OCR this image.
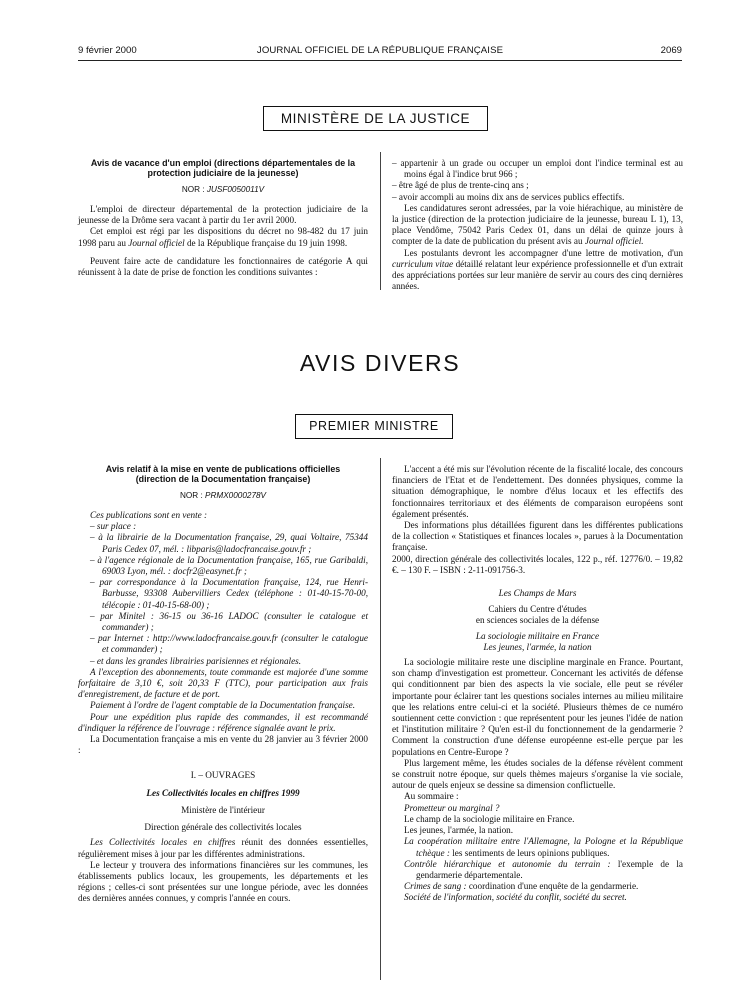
9 février 2000	JOURNAL OFFICIEL DE LA RÉPUBLIQUE FRANÇAISE	2069
MINISTÈRE DE LA JUSTICE
Avis de vacance d'un emploi (directions départementales de la protection judiciaire de la jeunesse)
NOR : JUSF0050011V

L'emploi de directeur départemental de la protection judiciaire de la jeunesse de la Drôme sera vacant à partir du 1er avril 2000.

Cet emploi est régi par les dispositions du décret no 98-482 du 17 juin 1998 paru au Journal officiel de la République française du 19 juin 1998.

Peuvent faire acte de candidature les fonctionnaires de catégorie A qui réunissent à la date de prise de fonction les conditions suivantes :

– appartenir à un grade ou occuper un emploi dont l'indice terminal est au moins égal à l'indice brut 966 ;

– être âgé de plus de trente-cinq ans ;

– avoir accompli au moins dix ans de services publics effectifs.

Les candidatures seront adressées, par la voie hiérachique, au ministère de la justice (direction de la protection judiciaire de la jeunesse, bureau L 1), 13, place Vendôme, 75042 Paris Cedex 01, dans un délai de quinze jours à compter de la date de publication du présent avis au Journal officiel.

Les postulants devront les accompagner d'une lettre de motivation, d'un curriculum vitae détaillé relatant leur expérience professionnelle et d'un extrait des appréciations portées sur leur manière de servir au cours des cinq dernières années.

AVIS DIVERS
PREMIER MINISTRE
Avis relatif à la mise en vente de publications officielles (direction de la Documentation française)
NOR : PRMX0000278V

Ces publications sont en vente :

– sur place :

– à la librairie de la Documentation française, 29, quai Voltaire, 75344 Paris Cedex 07, mél. : libparis@ladocfrancaise.gouv.fr ;

– à l'agence régionale de la Documentation française, 165, rue Garibaldi, 69003 Lyon, mél. : docfr2@easynet.fr ;

– par correspondance à la Documentation française, 124, rue Henri-Barbusse, 93308 Aubervilliers Cedex (téléphone : 01-40-15-70-00, télécopie : 01-40-15-68-00) ;

– par Minitel : 36-15 ou 36-16 LADOC (consulter le catalogue et commander) ;

– par Internet : http://www.ladocfrancaise.gouv.fr (consulter le catalogue et commander) ;

– et dans les grandes librairies parisiennes et régionales.

A l'exception des abonnements, toute commande est majorée d'une somme forfaitaire de 3,10 €, soit 20,33 F (TTC), pour participation aux frais d'enregistrement, de facture et de port.

Paiement à l'ordre de l'agent comptable de la Documentation française.

Pour une expédition plus rapide des commandes, il est recommandé d'indiquer la référence de l'ouvrage : référence signalée avant le prix.

La Documentation française a mis en vente du 28 janvier au 3 février 2000 :

I. – OUVRAGES

Les Collectivités locales en chiffres 1999

Ministère de l'intérieur

Direction générale des collectivités locales

Les Collectivités locales en chiffres réunit des données essentielles, régulièrement mises à jour par les différentes administrations.

Le lecteur y trouvera des informations financières sur les communes, les établissements publics locaux, les groupements, les départements et les régions ; celles-ci sont présentées sur une longue période, avec les données des dernières années connues, y compris l'année en cours.

L'accent a été mis sur l'évolution récente de la fiscalité locale, des concours financiers de l'Etat et de l'endettement. Des données physiques, comme la situation démographique, le nombre d'élus locaux et les effectifs des fonctionnaires territoriaux et des éléments de comparaison européens sont également présentés.

Des informations plus détaillées figurent dans les différentes publications de la collection « Statistiques et finances locales », parues à la Documentation française.

2000, direction générale des collectivités locales, 122 p., réf. 12776/0. – 19,82 €. – 130 F. – ISBN : 2-11-091756-3.

Les Champs de Mars

Cahiers du Centre d'études

en sciences sociales de la défense

La sociologie militaire en France

Les jeunes, l'armée, la nation

La sociologie militaire reste une discipline marginale en France. Pourtant, son champ d'investigation est prometteur. Concernant les activités de défense qui conditionnent par bien des aspects la vie sociale, elle peut se révéler importante pour éclairer tant les questions sociales internes au milieu militaire que les relations entre celui-ci et la société. Plusieurs thèmes de ce numéro soutiennent cette conviction : que représentent pour les jeunes l'idée de nation et l'institution militaire ? Qu'en est-il du fonctionnement de la gendarmerie ? Comment la construction d'une défense européenne est-elle perçue par les populations en Centre-Europe ?

Plus largement même, les études sociales de la défense révèlent comment se construit notre époque, sur quels thèmes majeurs s'organise la vie sociale, autour de quels enjeux se dessine sa dimension conflictuelle.

Au sommaire :

Prometteur ou marginal ?

Le champ de la sociologie militaire en France.

Les jeunes, l'armée, la nation.

La coopération militaire entre l'Allemagne, la Pologne et la République tchèque : les sentiments de leurs opinions publiques.

Contrôle hiérarchique et autonomie du terrain : l'exemple de la gendarmerie départementale.

Crimes de sang : coordination d'une enquête de la gendarmerie.

Société de l'information, société du conflit, société du secret.
